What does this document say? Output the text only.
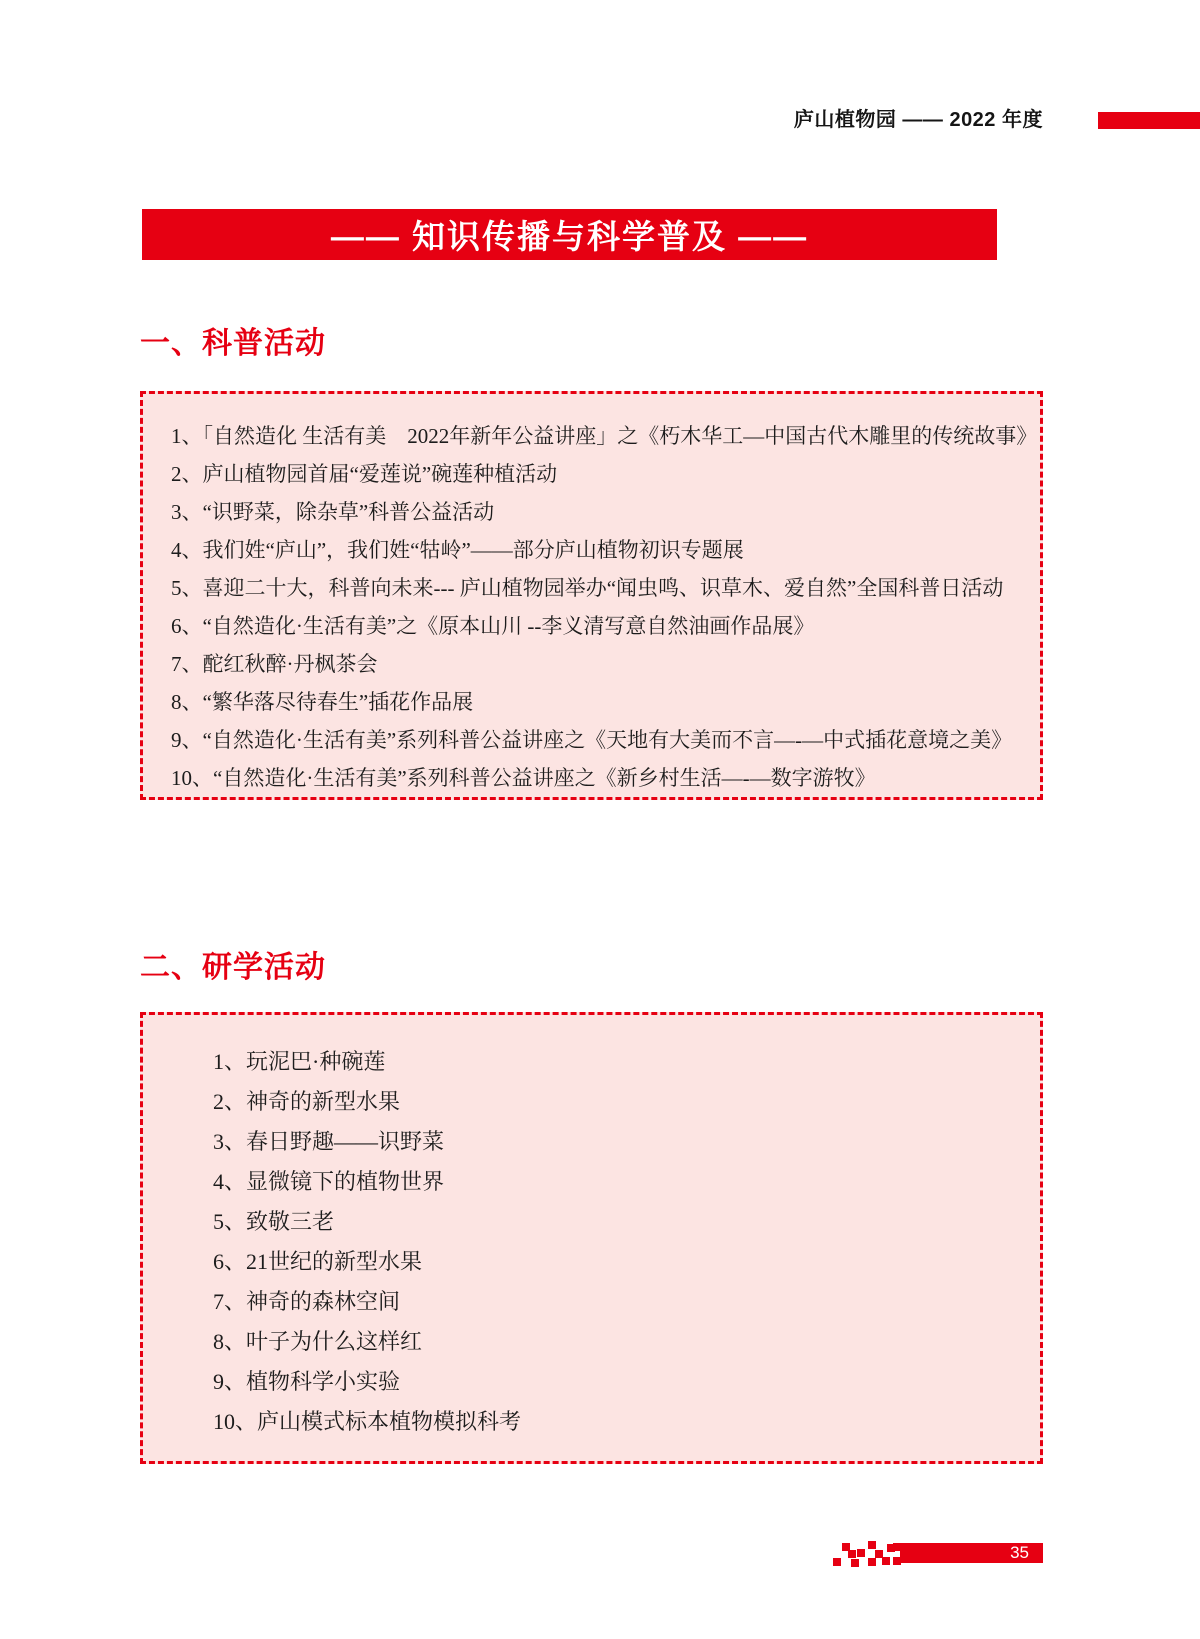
庐山植物园 —— 2022 年度
—— 知识传播与科学普及 ——
一、科普活动
1、「自然造化 生活有美　2022年新年公益讲座」之《朽木华工—中国古代木雕里的传统故事》
2、庐山植物园首届“爱莲说”碗莲种植活动
3、“识野菜，除杂草”科普公益活动
4、我们姓“庐山”，我们姓“牯岭”——部分庐山植物初识专题展
5、喜迎二十大，科普向未来--- 庐山植物园举办“闻虫鸣、识草木、爱自然”全国科普日活动
6、“自然造化·生活有美”之《原本山川 --李义清写意自然油画作品展》
7、酡红秋醉·丹枫茶会
8、“繁华落尽待春生”插花作品展
9、“自然造化·生活有美”系列科普公益讲座之《天地有大美而不言—-—中式插花意境之美》
10、“自然造化·生活有美”系列科普公益讲座之《新乡村生活—-—数字游牧》
二、研学活动
1、玩泥巴·种碗莲
2、神奇的新型水果
3、春日野趣——识野菜
4、显微镜下的植物世界
5、致敬三老
6、21世纪的新型水果
7、神奇的森林空间
8、叶子为什么这样红
9、植物科学小实验
10、庐山模式标本植物模拟科考
35
